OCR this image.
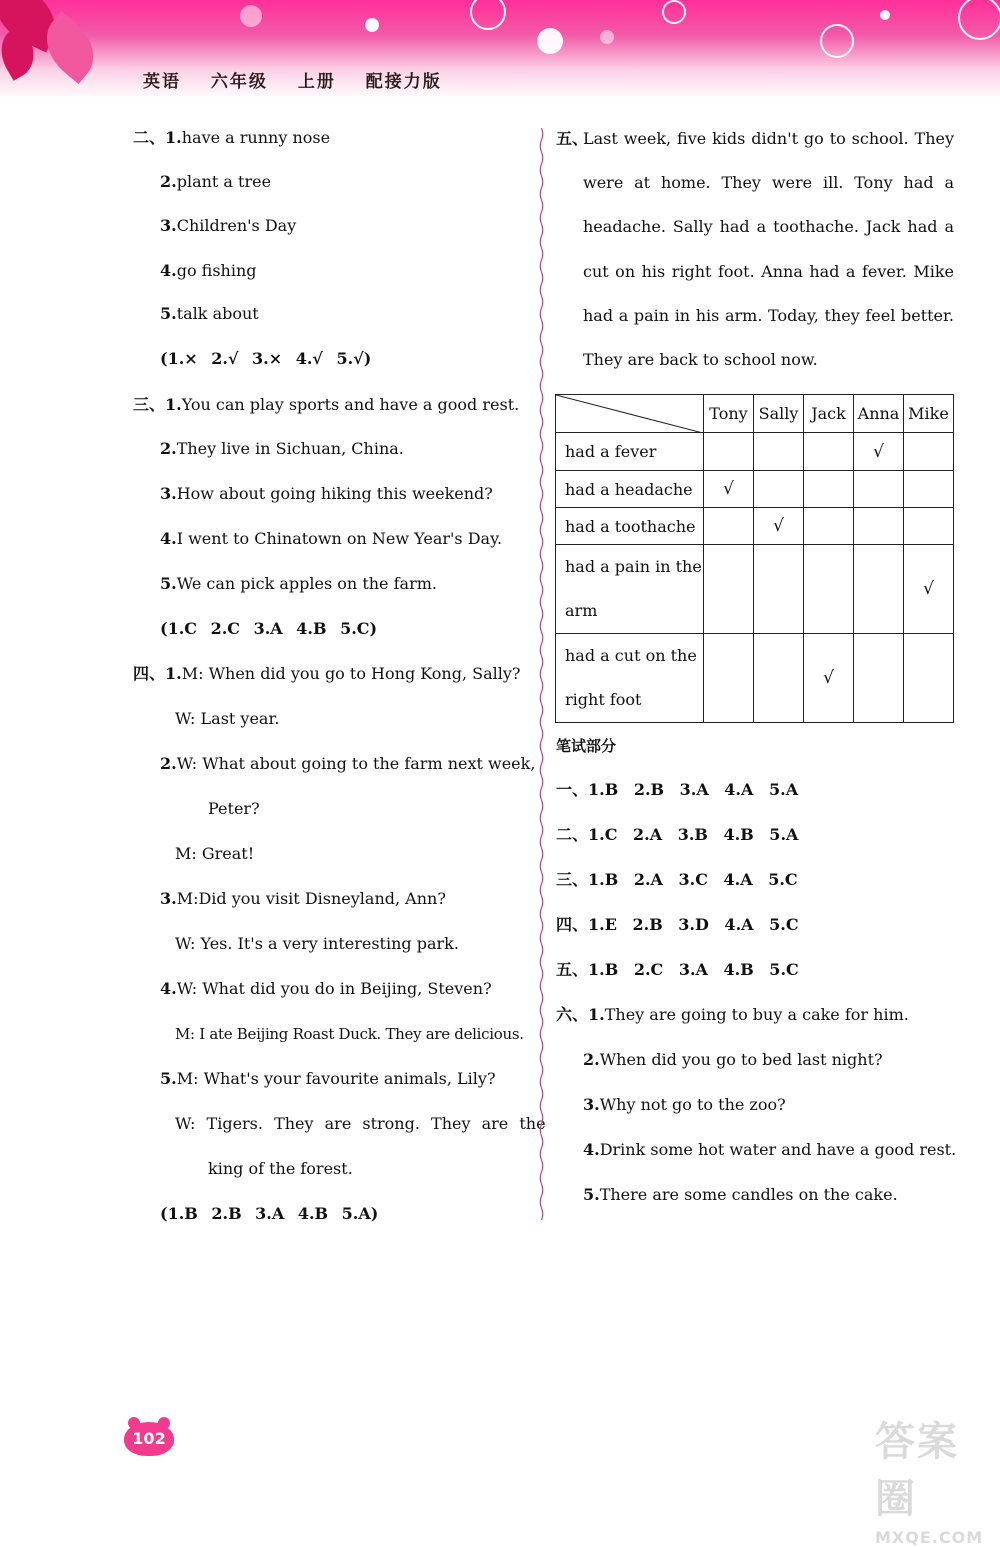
英语 六年级 上册 配接力版
二、1.have a runny nose
2.plant a tree
3.Children's Day
4.go fishing
5.talk about
(1.× 2.√ 3.× 4.√ 5.√)
三、1.You can play sports and have a good rest.
2.They live in Sichuan, China.
3.How about going hiking this weekend?
4.I went to Chinatown on New Year's Day.
5.We can pick apples on the farm.
(1.C 2.C 3.A 4.B 5.C)
四、1.M: When did you go to Hong Kong, Sally?
W: Last year.
2.W: What about going to the farm next week,
Peter?
M: Great!
3.M:Did you visit Disneyland, Ann?
W: Yes. It's a very interesting park.
4.W: What did you do in Beijing, Steven?
M: I ate Beijing Roast Duck. They are delicious.
5.M: What's your favourite animals, Lily?
W: Tigers. They are strong. They are the
king of the forest.
(1.B 2.B 3.A 4.B 5.A)
五、
Last week, five kids didn't go to school. They were at home. They were ill. Tony had a headache. Sally had a toothache. Jack had a cut on his right foot. Anna had a fever. Mike had a pain in his arm. Today, they feel better. They are back to school now.
	Tony	Sally	Jack	Anna	Mike
had a fever				√	
had a headache	√				
had a toothache		√			

had a pain in the
arm					√

had a cut on the
right foot			√		
笔试部分
一、1.B 2.B 3.A 4.A 5.A
二、1.C 2.A 3.B 4.B 5.A
三、1.B 2.A 3.C 4.A 5.C
四、1.E 2.B 3.D 4.A 5.C
五、1.B 2.C 3.A 4.B 5.C
六、1.They are going to buy a cake for him.
2.When did you go to bed last night?
3.Why not go to the zoo?
4.Drink some hot water and have a good rest.
5.There are some candles on the cake.
102	答案圈
MXQE.COM
